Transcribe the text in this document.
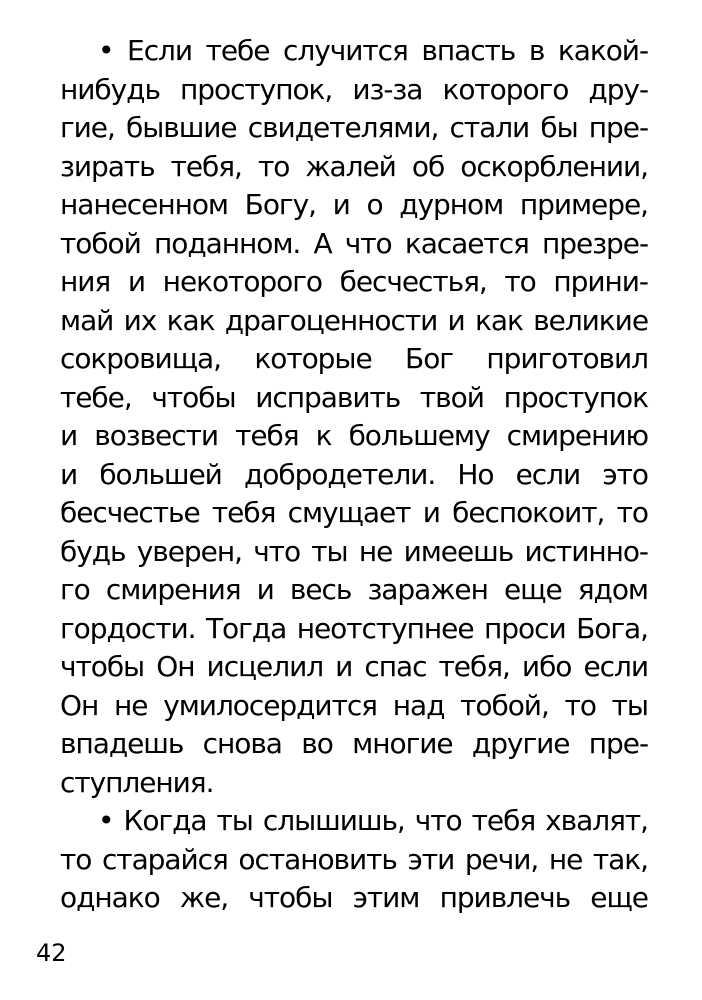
• Если тебе случится впасть в какой-
нибудь проступок, из-за которого дру-
гие, бывшие свидетелями, стали бы пре-
зирать тебя, то жалей об оскорблении,
нанесенном Богу, и о дурном примере,
тобой поданном. А что касается презре-
ния и некоторого бесчестья, то прини-
май их как драгоценности и как великие
сокровища, которые Бог приготовил
тебе, чтобы исправить твой проступок
и возвести тебя к большему смирению
и большей добродетели. Но если это
бесчестье тебя смущает и беспокоит, то
будь уверен, что ты не имеешь истинно-
го смирения и весь заражен еще ядом
гордости. Тогда неотступнее проси Бога,
чтобы Он исцелил и спас тебя, ибо если
Он не умилосердится над тобой, то ты
впадешь снова во многие другие пре-
ступления.
• Когда ты слышишь, что тебя хвалят,
то старайся остановить эти речи, не так,
однако же, чтобы этим привлечь еще
42
